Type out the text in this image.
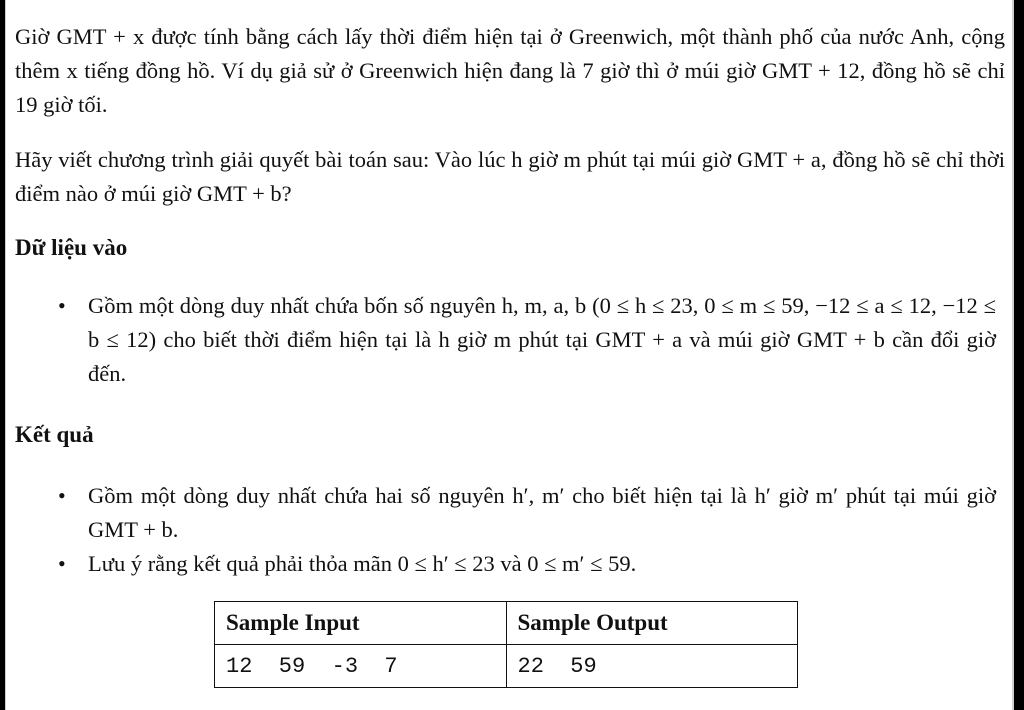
Giờ GMT + x được tính bằng cách lấy thời điểm hiện tại ở Greenwich, một thành phố của nước Anh, cộng thêm x tiếng đồng hồ. Ví dụ giả sử ở Greenwich hiện đang là 7 giờ thì ở múi giờ GMT + 12, đồng hồ sẽ chỉ 19 giờ tối.

Hãy viết chương trình giải quyết bài toán sau: Vào lúc h giờ m phút tại múi giờ GMT + a, đồng hồ sẽ chỉ thời điểm nào ở múi giờ GMT + b?

Dữ liệu vào
• Gồm một dòng duy nhất chứa bốn số nguyên h, m, a, b (0 ≤ h ≤ 23, 0 ≤ m ≤ 59, −12 ≤ a ≤ 12, −12 ≤ b ≤ 12) cho biết thời điểm hiện tại là h giờ m phút tại GMT + a và múi giờ GMT + b cần đổi giờ đến.
Kết quả
• Gồm một dòng duy nhất chứa hai số nguyên h′, m′ cho biết hiện tại là h′ giờ m′ phút tại múi giờ GMT + b.
• Lưu ý rằng kết quả phải thỏa mãn 0 ≤ h′ ≤ 23 và 0 ≤ m′ ≤ 59.
Sample Input	Sample Output
12  59  -3  7	22  59
